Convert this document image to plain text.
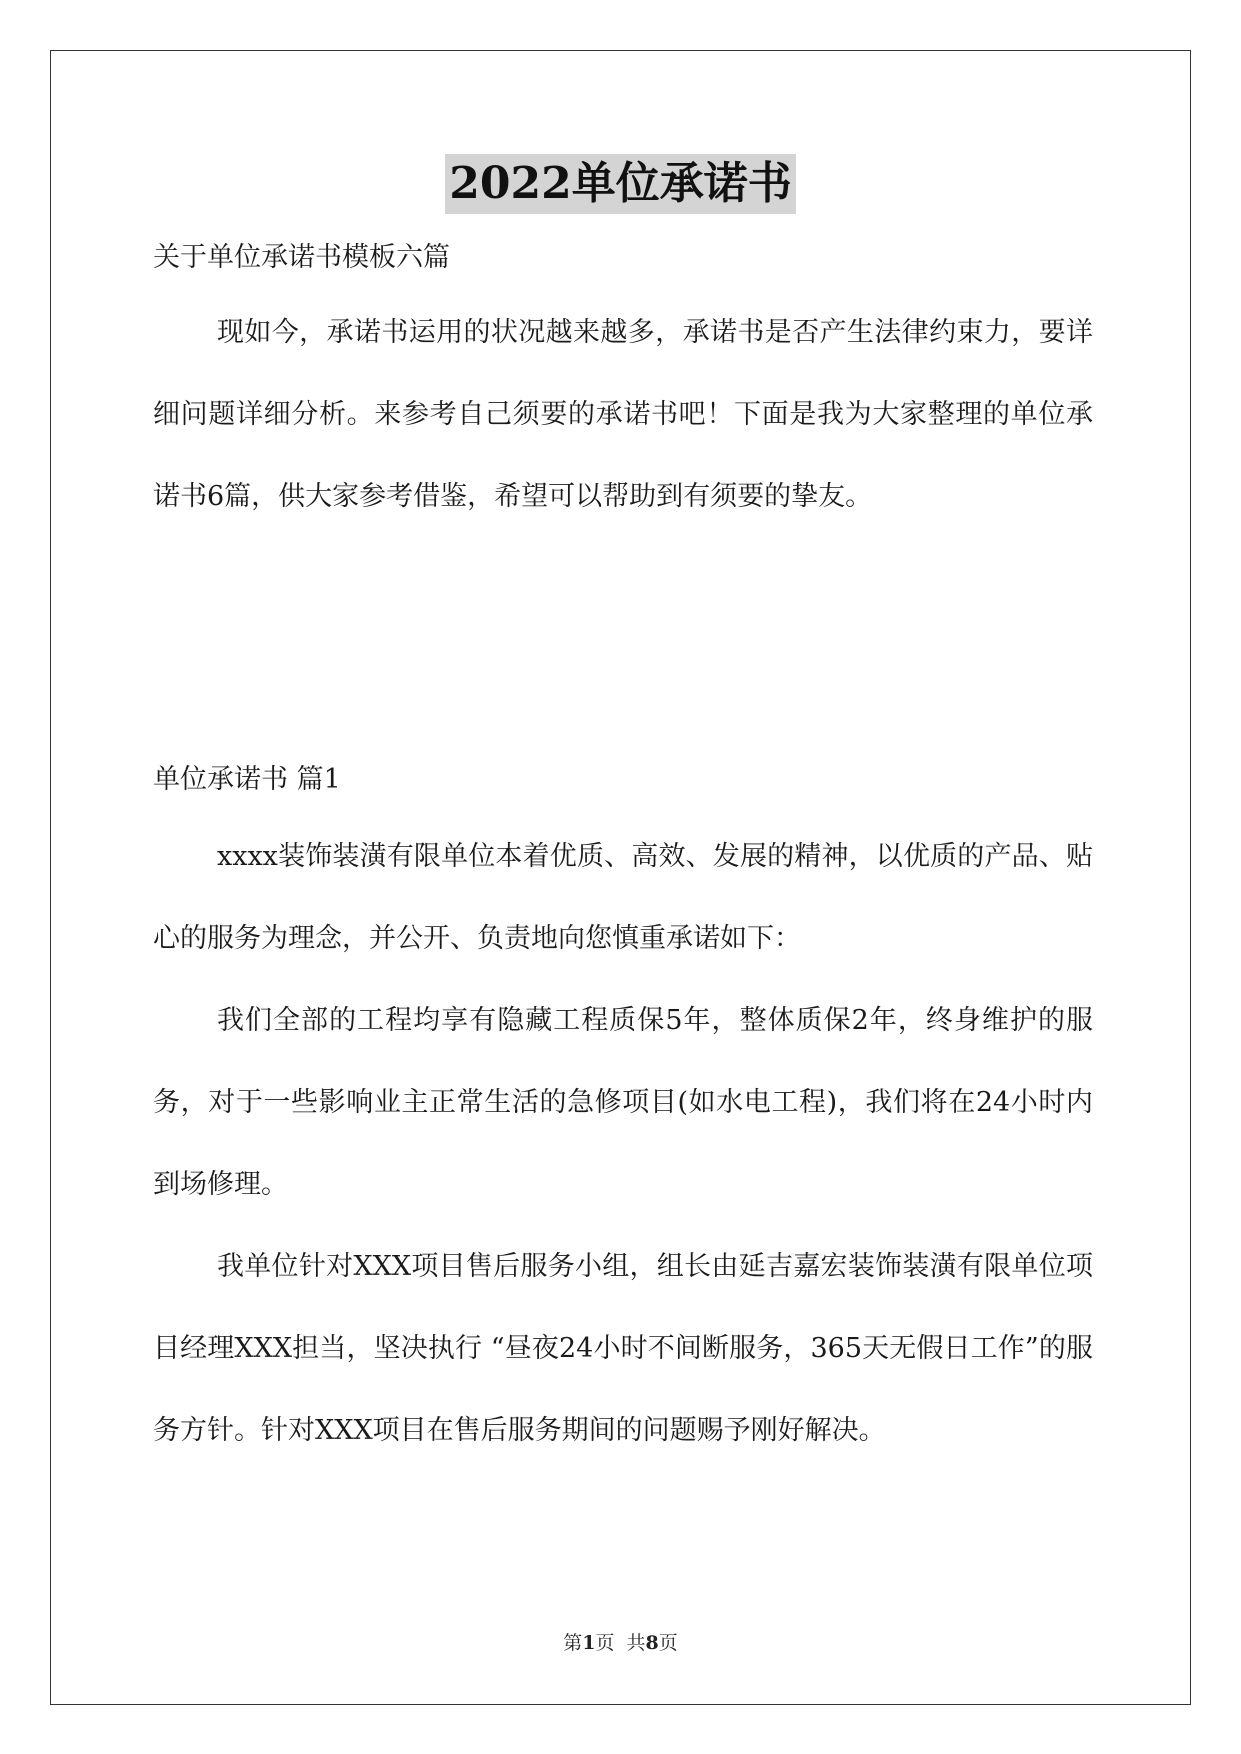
2022单位承诺书
关于单位承诺书模板六篇

现如今，承诺书运用的状况越来越多，承诺书是否产生法律约束力，要详细问题详细分析。来参考自己须要的承诺书吧！下面是我为大家整理的单位承诺书6篇，供大家参考借鉴，希望可以帮助到有须要的挚友。

单位承诺书 篇1

xxxx装饰装潢有限单位本着优质、高效、发展的精神，以优质的产品、贴心的服务为理念，并公开、负责地向您慎重承诺如下：

我们全部的工程均享有隐藏工程质保5年，整体质保2年，终身维护的服务，对于一些影响业主正常生活的急修项目(如水电工程)，我们将在24小时内到场修理。

我单位针对XXX项目售后服务小组，组长由延吉嘉宏装饰装潢有限单位项目经理XXX担当，坚决执行 “昼夜24小时不间断服务，365天无假日工作”的服务方针。针对XXX项目在售后服务期间的问题赐予刚好解决。

第1页  共8页
